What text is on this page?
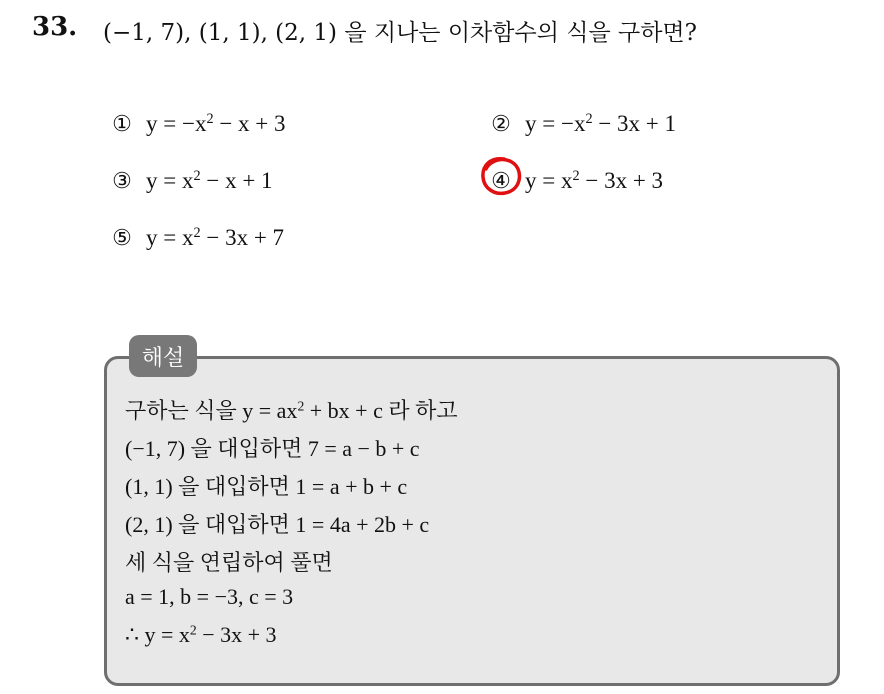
33. (−1, 7), (1, 1), (2, 1) 을 지나는 이차함수의 식을 구하면?
① $y = -x^2 - x + 3$	② $y = -x^2 - 3x + 1$
③ $y = x^2 - x + 1$	④ $y = x^2 - 3x + 3$
⑤ $y = x^2 - 3x + 7$
해설
구하는 식을 $y = ax^2$ + bx + c 라 하고
(−1, 7) 을 대입하면 7 = a − b + c
(1, 1) 을 대입하면 1 = a + b + c
(2, 1) 을 대입하면 1 = 4a + 2b + c
세 식을 연립하여 풀면
a = 1, b = −3, c = 3
∴ $y = x^2 - 3x + 3$
